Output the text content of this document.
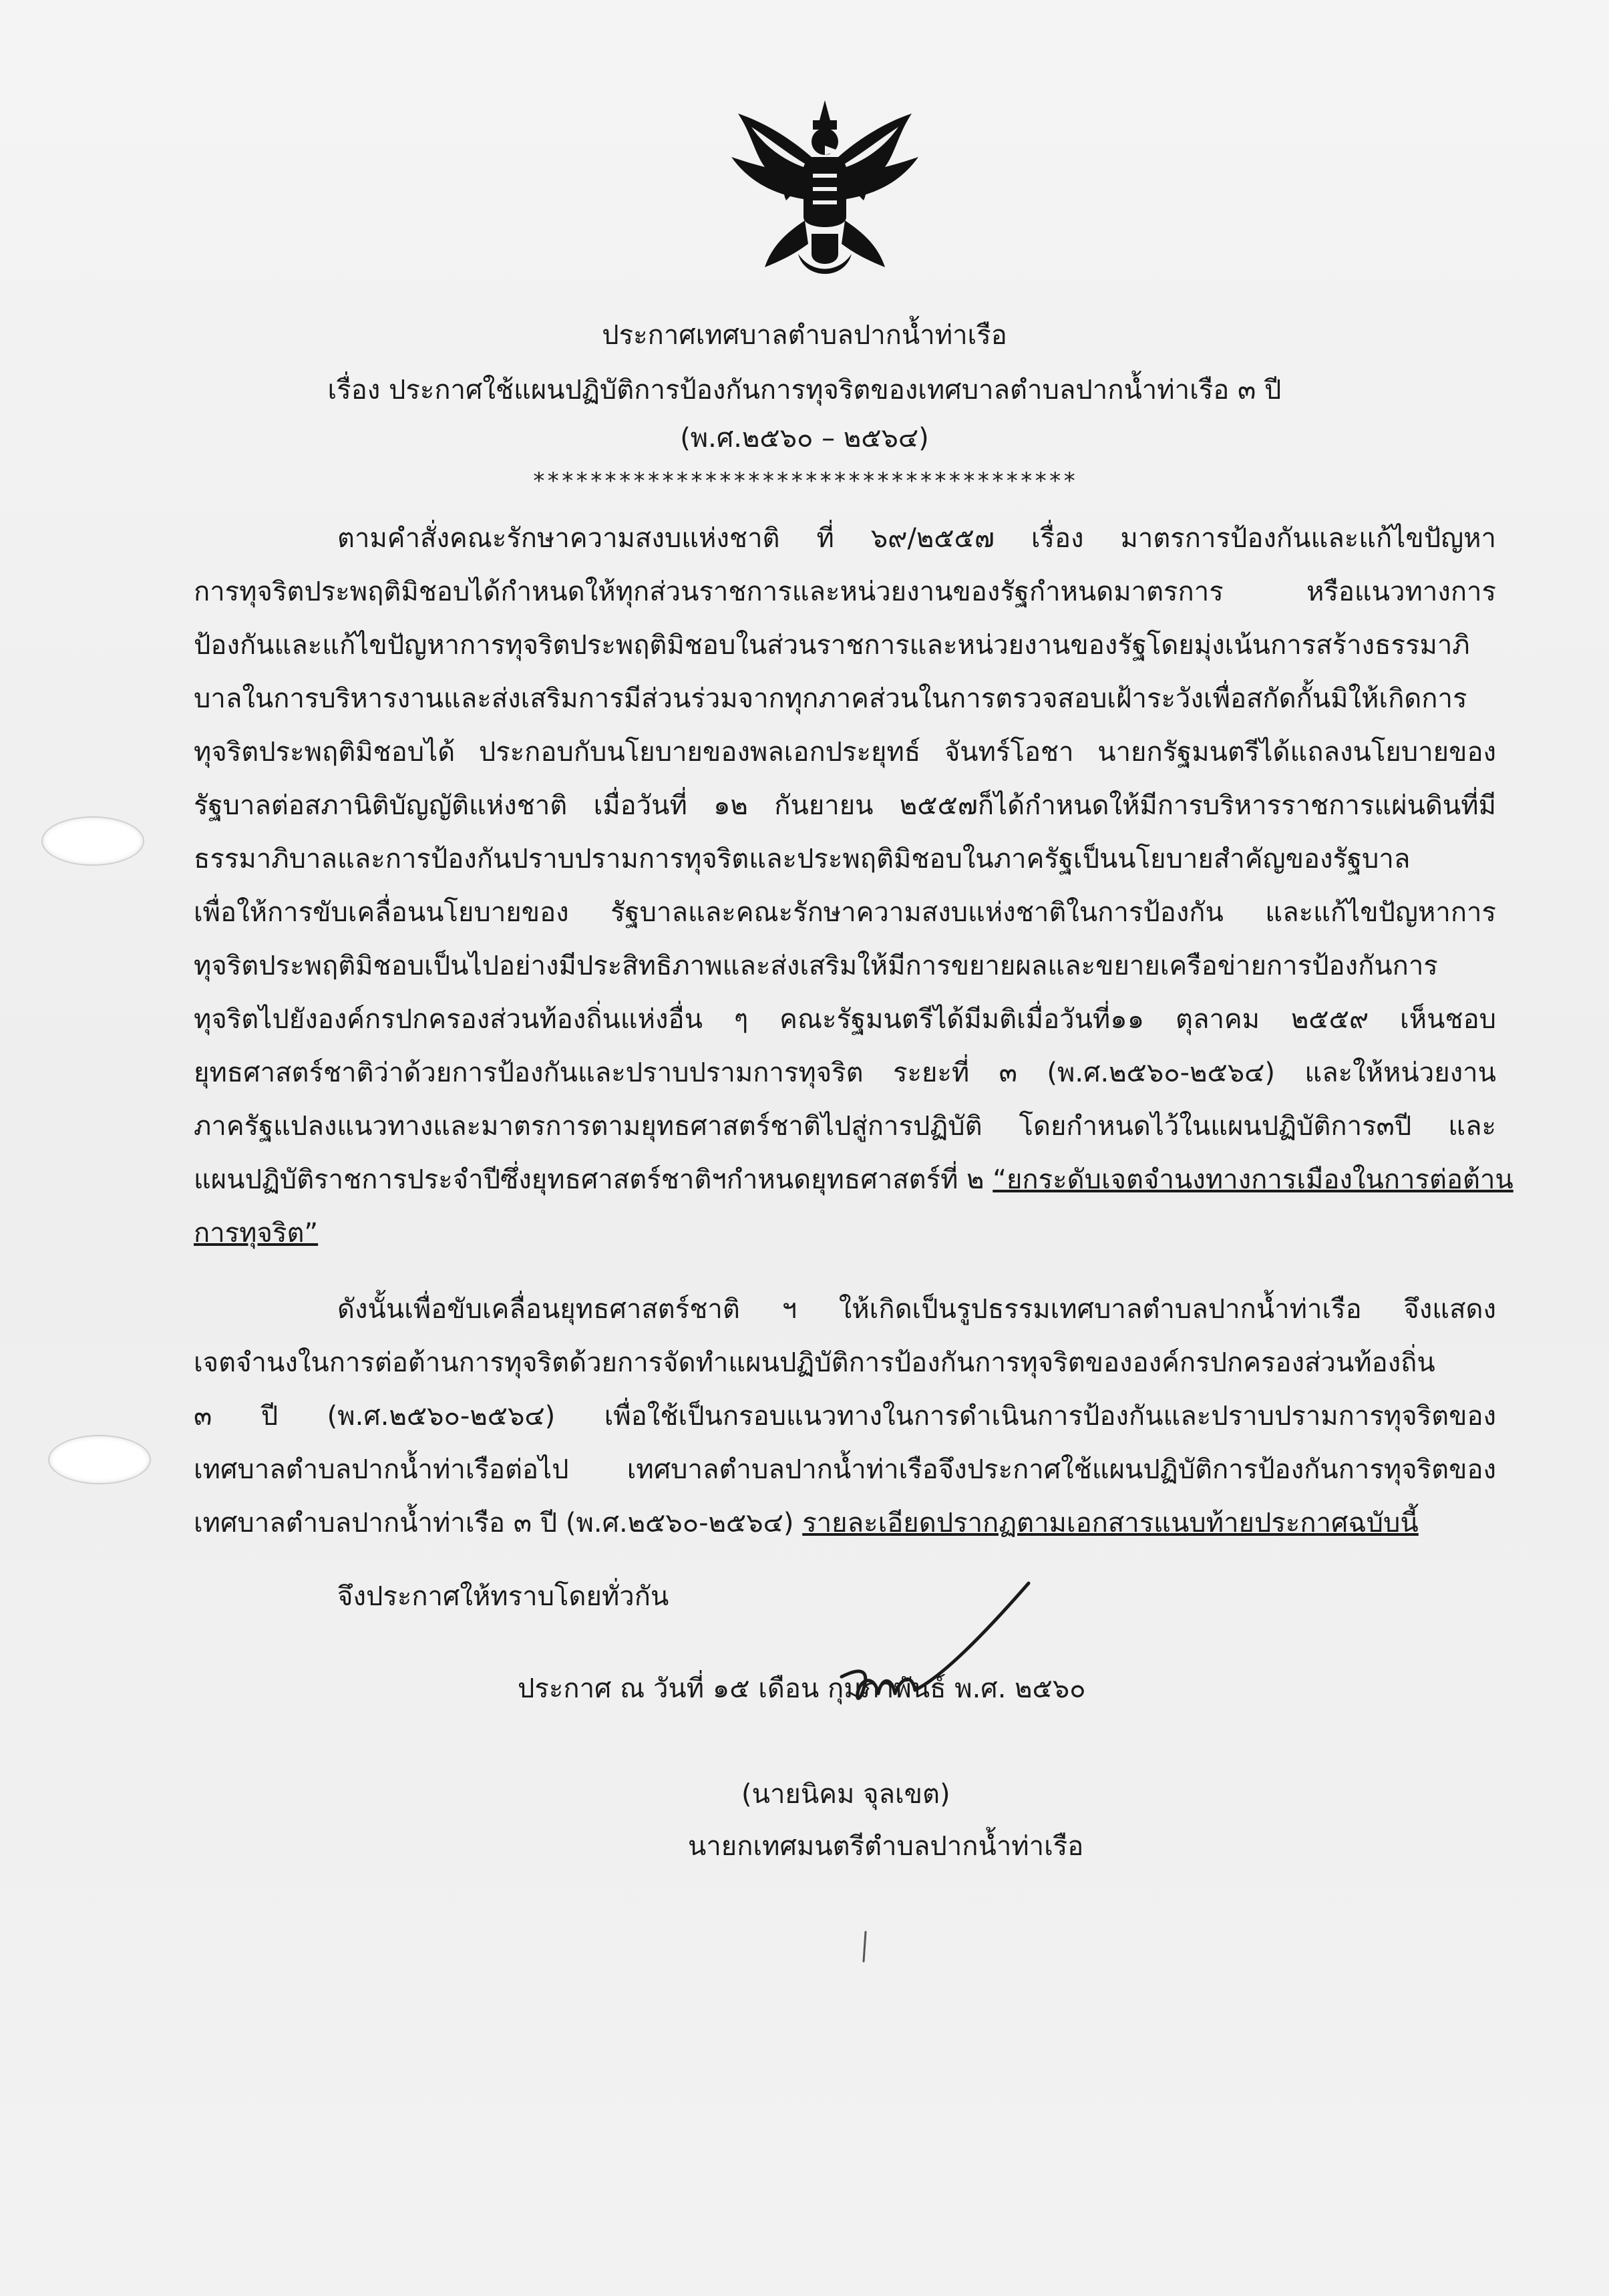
ประกาศเทศบาลตำบลปากน้ำท่าเรือ
เรื่อง ประกาศใช้แผนปฏิบัติการป้องกันการทุจริตของเทศบาลตำบลปากน้ำท่าเรือ ๓ ปี
(พ.ศ.๒๕๖๐ – ๒๕๖๔)
**************************************
ตามคำสั่งคณะรักษาความสงบแห่งชาติ ที่ ๖๙/๒๕๕๗ เรื่อง มาตรการป้องกันและแก้ไขปัญหา
การทุจริตประพฤติมิชอบได้กำหนดให้ทุกส่วนราชการและหน่วยงานของรัฐกำหนดมาตรการ หรือแนวทางการ
ป้องกันและแก้ไขปัญหาการทุจริตประพฤติมิชอบในส่วนราชการและหน่วยงานของรัฐโดยมุ่งเน้นการสร้างธรรมาภิ
บาลในการบริหารงานและส่งเสริมการมีส่วนร่วมจากทุกภาคส่วนในการตรวจสอบเฝ้าระวังเพื่อสกัดกั้นมิให้เกิดการ
ทุจริตประพฤติมิชอบได้ ประกอบกับนโยบายของพลเอกประยุทธ์ จันทร์โอชา นายกรัฐมนตรีได้แถลงนโยบายของ
รัฐบาลต่อสภานิติบัญญัติแห่งชาติ เมื่อวันที่ ๑๒ กันยายน ๒๕๕๗ก็ได้กำหนดให้มีการบริหารราชการแผ่นดินที่มี
ธรรมาภิบาลและการป้องกันปราบปรามการทุจริตและประพฤติมิชอบในภาครัฐเป็นนโยบายสำคัญของรัฐบาล
เพื่อให้การขับเคลื่อนนโยบายของ รัฐบาลและคณะรักษาความสงบแห่งชาติในการป้องกัน และแก้ไขปัญหาการ
ทุจริตประพฤติมิชอบเป็นไปอย่างมีประสิทธิภาพและส่งเสริมให้มีการขยายผลและขยายเครือข่ายการป้องกันการ
ทุจริตไปยังองค์กรปกครองส่วนท้องถิ่นแห่งอื่น ๆ คณะรัฐมนตรีได้มีมติเมื่อวันที่๑๑ ตุลาคม ๒๕๕๙ เห็นชอบ
ยุทธศาสตร์ชาติว่าด้วยการป้องกันและปราบปรามการทุจริต ระยะที่ ๓ (พ.ศ.๒๕๖๐-๒๕๖๔) และให้หน่วยงาน
ภาครัฐแปลงแนวทางและมาตรการตามยุทธศาสตร์ชาติไปสู่การปฏิบัติ โดยกำหนดไว้ในแผนปฏิบัติการ๓ปี และ
แผนปฏิบัติราชการประจำปีซึ่งยุทธศาสตร์ชาติฯกำหนดยุทธศาสตร์ที่ ๒ “ยกระดับเจตจำนงทางการเมืองในการต่อต้าน
การทุจริต”
ดังนั้นเพื่อขับเคลื่อนยุทธศาสตร์ชาติ ฯ ให้เกิดเป็นรูปธรรมเทศบาลตำบลปากน้ำท่าเรือ จึงแสดง
เจตจำนงในการต่อต้านการทุจริตด้วยการจัดทำแผนปฏิบัติการป้องกันการทุจริตขององค์กรปกครองส่วนท้องถิ่น
๓ ปี (พ.ศ.๒๕๖๐-๒๕๖๔) เพื่อใช้เป็นกรอบแนวทางในการดำเนินการป้องกันและปราบปรามการทุจริตของ
เทศบาลตำบลปากน้ำท่าเรือต่อไป เทศบาลตำบลปากน้ำท่าเรือจึงประกาศใช้แผนปฏิบัติการป้องกันการทุจริตของ
เทศบาลตำบลปากน้ำท่าเรือ ๓ ปี (พ.ศ.๒๕๖๐-๒๕๖๔) รายละเอียดปรากฏตามเอกสารแนบท้ายประกาศฉบับนี้
จึงประกาศให้ทราบโดยทั่วกัน
ประกาศ ณ วันที่ ๑๕ เดือน กุมภาพันธ์ พ.ศ. ๒๕๖๐
(นายนิคม จุลเขต)
นายกเทศมนตรีตำบลปากน้ำท่าเรือ
